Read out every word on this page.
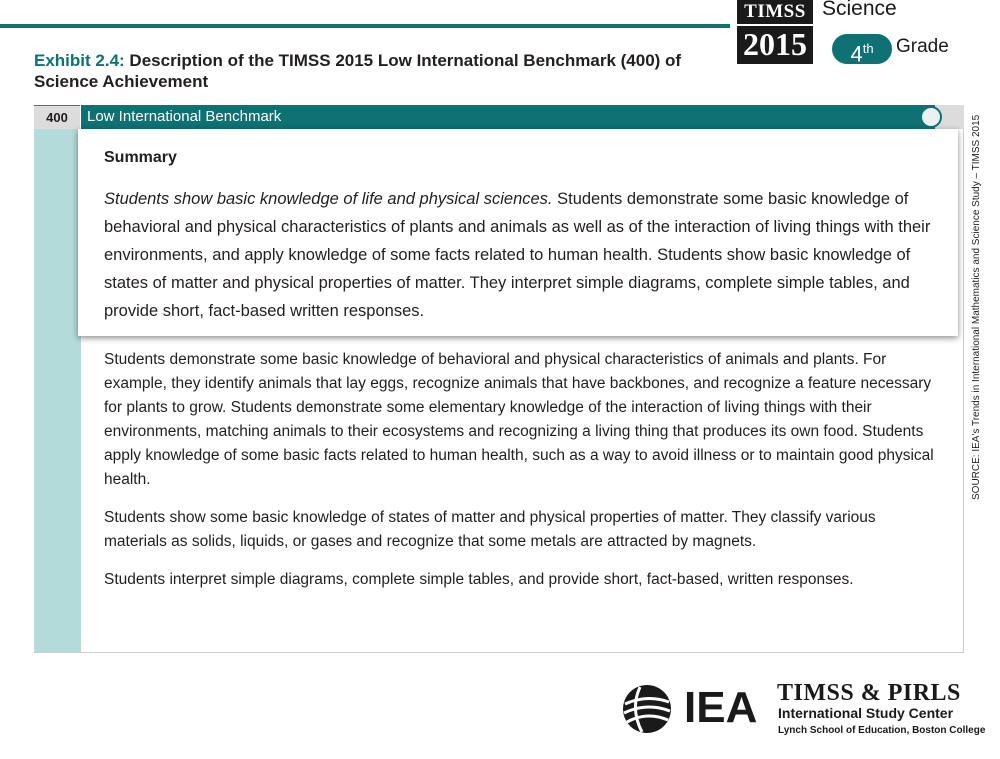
Exhibit 2.4: Description of the TIMSS 2015 Low International Benchmark (400) of Science Achievement
TIMSS
2015
Science
4th	Grade
400	Low International Benchmark
Summary
Students show basic knowledge of life and physical sciences. Students demonstrate some basic knowledge of behavioral and physical characteristics of plants and animals as well as of the interaction of living things with their environments, and apply knowledge of some facts related to human health. Students show basic knowledge of states of matter and physical properties of matter. They interpret simple diagrams, complete simple tables, and provide short, fact-based written responses.

Students demonstrate some basic knowledge of behavioral and physical characteristics of animals and plants. For example, they identify animals that lay eggs, recognize animals that have backbones, and recognize a feature necessary for plants to grow. Students demonstrate some elementary knowledge of the interaction of living things with their environments, matching animals to their ecosystems and recognizing a living thing that produces its own food. Students apply knowledge of some basic facts related to human health, such as a way to avoid illness or to maintain good physical health.

Students show some basic knowledge of states of matter and physical properties of matter. They classify various materials as solids, liquids, or gases and recognize that some metals are attracted by magnets.

Students interpret simple diagrams, complete simple tables, and provide short, fact-based, written responses.

SOURCE: IEA's Trends in International Mathematics and Science Study – TIMSS 2015
IEA TIMSS & PIRLS
International Study Center
Lynch School of Education, Boston College
